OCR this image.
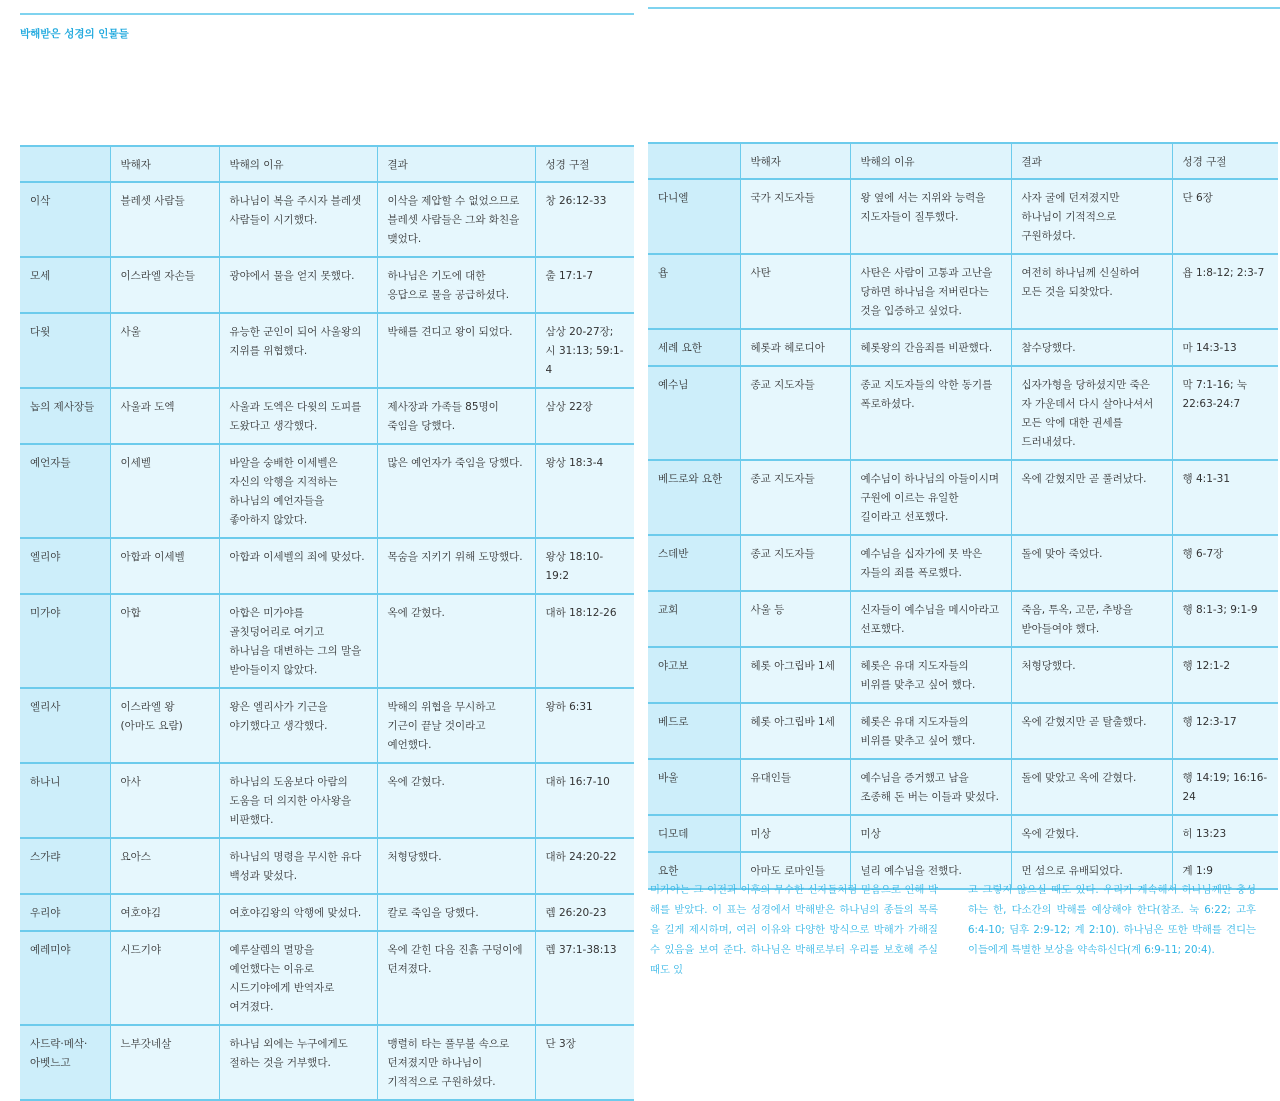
박해받은 성경의 인물들
	박해자	박해의 이유	결과	성경 구절
이삭	블레셋 사람들	하나님이 복을 주시자 블레셋 사람들이 시기했다.	이삭을 제압할 수 없었으므로 블레셋 사람들은 그와 화친을 맺었다.	창 26:12-33
모세	이스라엘 자손들	광야에서 물을 얻지 못했다.	하나님은 기도에 대한 응답으로 물을 공급하셨다.	출 17:1-7
다윗	사울	유능한 군인이 되어 사울왕의 지위를 위협했다.	박해를 견디고 왕이 되었다.	삼상 20-27장; 시 31:13; 59:1-4
놉의 제사장들	사울과 도엑	사울과 도엑은 다윗의 도피를 도왔다고 생각했다.	제사장과 가족들 85명이 죽임을 당했다.	삼상 22장
예언자들	이세벨	바알을 숭배한 이세벨은 자신의 악행을 지적하는 하나님의 예언자들을 좋아하지 않았다.	많은 예언자가 죽임을 당했다.	왕상 18:3-4
엘리야	아합과 이세벨	아합과 이세벨의 죄에 맞섰다.	목숨을 지키기 위해 도망했다.	왕상 18:10-19:2
미가야	아합	아합은 미가야를 골칫덩어리로 여기고 하나님을 대변하는 그의 말을 받아들이지 않았다.	옥에 갇혔다.	대하 18:12-26
엘리사	이스라엘 왕 (아마도 요람)	왕은 엘리사가 기근을 야기했다고 생각했다.	박해의 위협을 무시하고 기근이 끝날 것이라고 예언했다.	왕하 6:31
하나니	아사	하나님의 도움보다 아람의 도움을 더 의지한 아사왕을 비판했다.	옥에 갇혔다.	대하 16:7-10
스가랴	요아스	하나님의 명령을 무시한 유다 백성과 맞섰다.	처형당했다.	대하 24:20-22
우리야	여호야김	여호야김왕의 악행에 맞섰다.	칼로 죽임을 당했다.	렘 26:20-23
예레미야	시드기야	예루살렘의 멸망을 예언했다는 이유로 시드기야에게 반역자로 여겨졌다.	옥에 갇힌 다음 진흙 구덩이에 던져졌다.	렘 37:1-38:13
사드락·메삭·아벳느고	느부갓네살	하나님 외에는 누구에게도 절하는 것을 거부했다.	맹렬히 타는 풀무불 속으로 던져졌지만 하나님이 기적적으로 구원하셨다.	단 3장
	박해자	박해의 이유	결과	성경 구절
다니엘	국가 지도자들	왕 옆에 서는 지위와 능력을 지도자들이 질투했다.	사자 굴에 던져졌지만 하나님이 기적적으로 구원하셨다.	단 6장
욥	사탄	사탄은 사람이 고통과 고난을 당하면 하나님을 저버린다는 것을 입증하고 싶었다.	여전히 하나님께 신실하여 모든 것을 되찾았다.	욥 1:8-12; 2:3-7
세례 요한	헤롯과 헤로디아	헤롯왕의 간음죄를 비판했다.	참수당했다.	마 14:3-13
예수님	종교 지도자들	종교 지도자들의 악한 동기를 폭로하셨다.	십자가형을 당하셨지만 죽은 자 가운데서 다시 살아나셔서 모든 악에 대한 권세를 드러내셨다.	막 7:1-16; 눅 22:63-24:7
베드로와 요한	종교 지도자들	예수님이 하나님의 아들이시며 구원에 이르는 유일한 길이라고 선포했다.	옥에 갇혔지만 곧 풀려났다.	행 4:1-31
스데반	종교 지도자들	예수님을 십자가에 못 박은 자들의 죄를 폭로했다.	돌에 맞아 죽었다.	행 6-7장
교회	사울 등	신자들이 예수님을 메시아라고 선포했다.	죽음, 투옥, 고문, 추방을 받아들여야 했다.	행 8:1-3; 9:1-9
야고보	헤롯 아그립바 1세	헤롯은 유대 지도자들의 비위를 맞추고 싶어 했다.	처형당했다.	행 12:1-2
베드로	헤롯 아그립바 1세	헤롯은 유대 지도자들의 비위를 맞추고 싶어 했다.	옥에 갇혔지만 곧 탈출했다.	행 12:3-17
바울	유대인들	예수님을 증거했고 남을 조종해 돈 버는 이들과 맞섰다.	돌에 맞았고 옥에 갇혔다.	행 14:19; 16:16-24
디모데	미상	미상	옥에 갇혔다.	히 13:23
요한	아마도 로마인들	널리 예수님을 전했다.	먼 섬으로 유배되었다.	계 1:9
미가야는 그 이전과 이후의 무수한 신자들처럼 믿음으로 인해 박해를 받았다. 이 표는 성경에서 박해받은 하나님의 종들의 목록을 길게 제시하며, 여러 이유와 다양한 방식으로 박해가 가해질 수 있음을 보여 준다. 하나님은 박해로부터 우리를 보호해 주실 때도 있
고 그렇지 않으실 때도 있다. 우리가 계속해서 하나님께만 충성하는 한, 다소간의 박해를 예상해야 한다(참조. 눅 6:22; 고후 6:4-10; 딤후 2:9-12; 계 2:10). 하나님은 또한 박해를 견디는 이들에게 특별한 보상을 약속하신다(계 6:9-11; 20:4).
